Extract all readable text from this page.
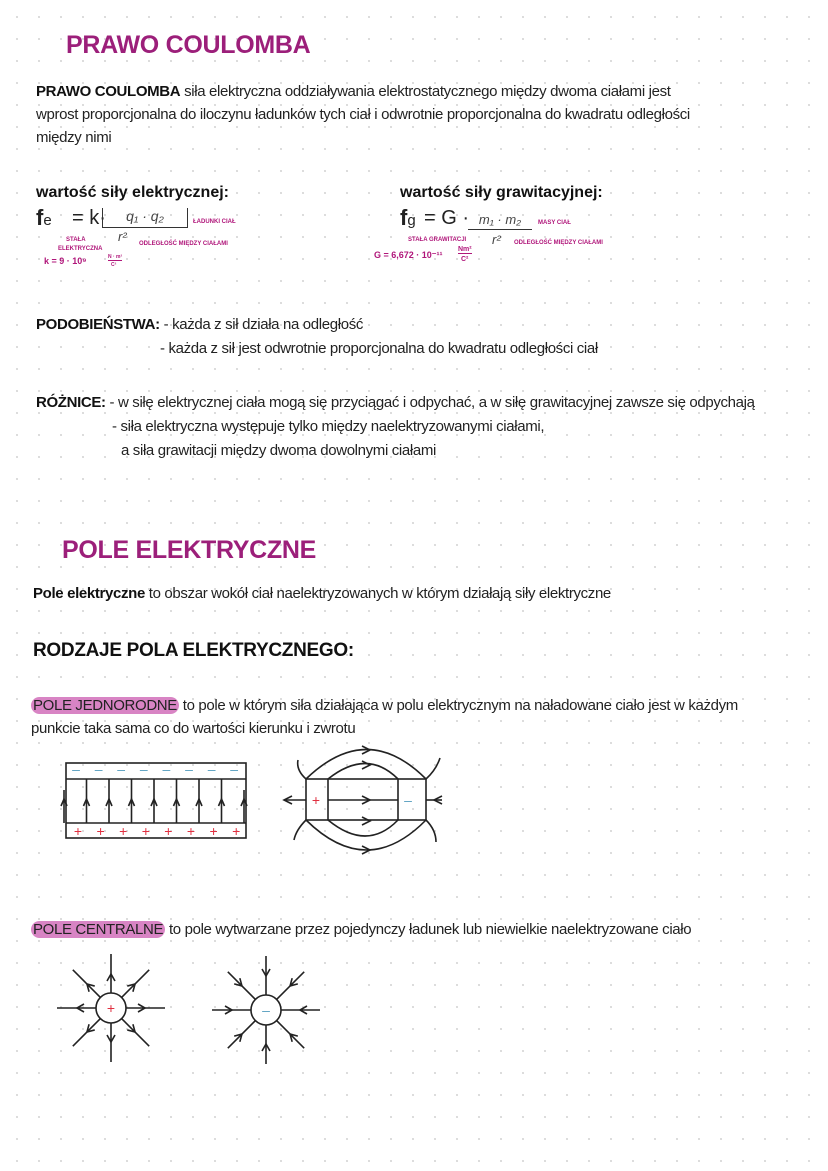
PRAWO COULOMBA
PRAWO COULOMBA siła elektryczna oddziaływania elektrostatycznego między dwoma ciałami jest
wprost proporcjonalna do iloczynu ładunków tych ciał i odwrotnie proporcjonalna do kwadratu odległości
między nimi
wartość siły elektrycznej:
fe = k·	q₁ · q₂
r²
ŁADUNKI CIAŁ
ODLEGŁOŚĆ MIĘDZY CIAŁAMI
STAŁA
ELEKTRYCZNA
k = 9 · 10⁹	N · m²
C²
wartość siły grawitacyjnej:
fg = G · m₁ · m₂
r²
MASY CIAŁ
ODLEGŁOŚĆ MIĘDZY CIAŁAMI
STAŁA GRAWITACJI
G = 6,672 · 10⁻¹¹
Nm²
C²
PODOBIEŃSTWA: - każda z sił działa na odległość
- każda z sił jest odwrotnie proporcjonalna do kwadratu odległości ciał
RÓŻNICE: - w siłę elektrycznej ciała mogą się przyciągać i odpychać, a w siłę grawitacyjnej zawsze się odpychają
- siła elektryczna występuje tylko między naelektryzowanymi ciałami,
a siła grawitacji między dwoma dowolnymi ciałami
POLE ELEKTRYCZNE
Pole elektryczne to obszar wokół ciał naelektryzowanych w którym działają siły elektryczne
RODZAJE POLA ELEKTRYCZNEGO:
POLE JEDNORODNE to pole w którym siła działająca w polu elektrycznym na naładowane ciało jest w każdym
punkcie taka sama co do wartości kierunku i zwrotu
–
+
–
+
–
+
–
+
–
+
–
+
–
+
–
+
+	–
+	–
POLE CENTRALNE to pole wytwarzane przez pojedynczy ładunek lub niewielkie naelektryzowane ciało
